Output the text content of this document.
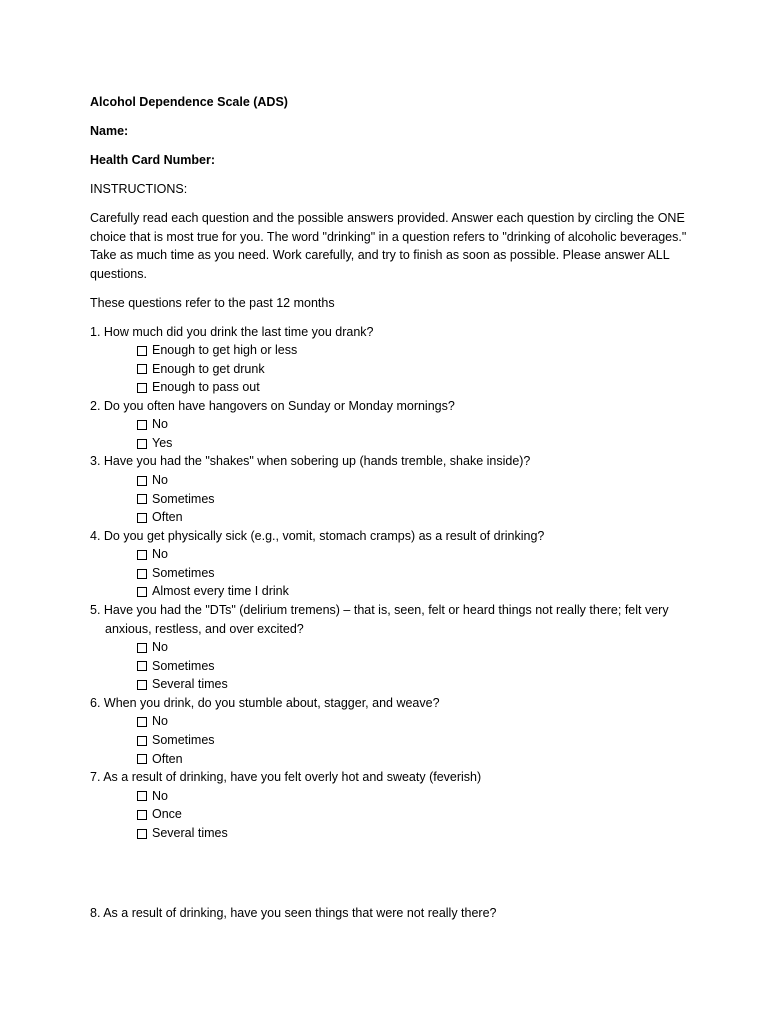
Alcohol Dependence Scale (ADS)

Name:

Health Card Number:

INSTRUCTIONS:

Carefully read each question and the possible answers provided. Answer each question by circling the ONE choice that is most true for you. The word "drinking" in a question refers to "drinking of alcoholic beverages." Take as much time as you need. Work carefully, and try to finish as soon as possible. Please answer ALL questions.

These questions refer to the past 12 months

1. How much did you drink the last time you drank?
Enough to get high or less
Enough to get drunk
Enough to pass out
2. Do you often have hangovers on Sunday or Monday mornings?
No
Yes
3. Have you had the "shakes" when sobering up (hands tremble, shake inside)?
No
Sometimes
Often
4. Do you get physically sick (e.g., vomit, stomach cramps) as a result of drinking?
No
Sometimes
Almost every time I drink
5. Have you had the "DTs" (delirium tremens) – that is, seen, felt or heard things not really there; felt very anxious, restless, and over excited?
No
Sometimes
Several times
6. When you drink, do you stumble about, stagger, and weave?
No
Sometimes
Often
7. As a result of drinking, have you felt overly hot and sweaty (feverish)
No
Once
Several times
8. As a result of drinking, have you seen things that were not really there?
